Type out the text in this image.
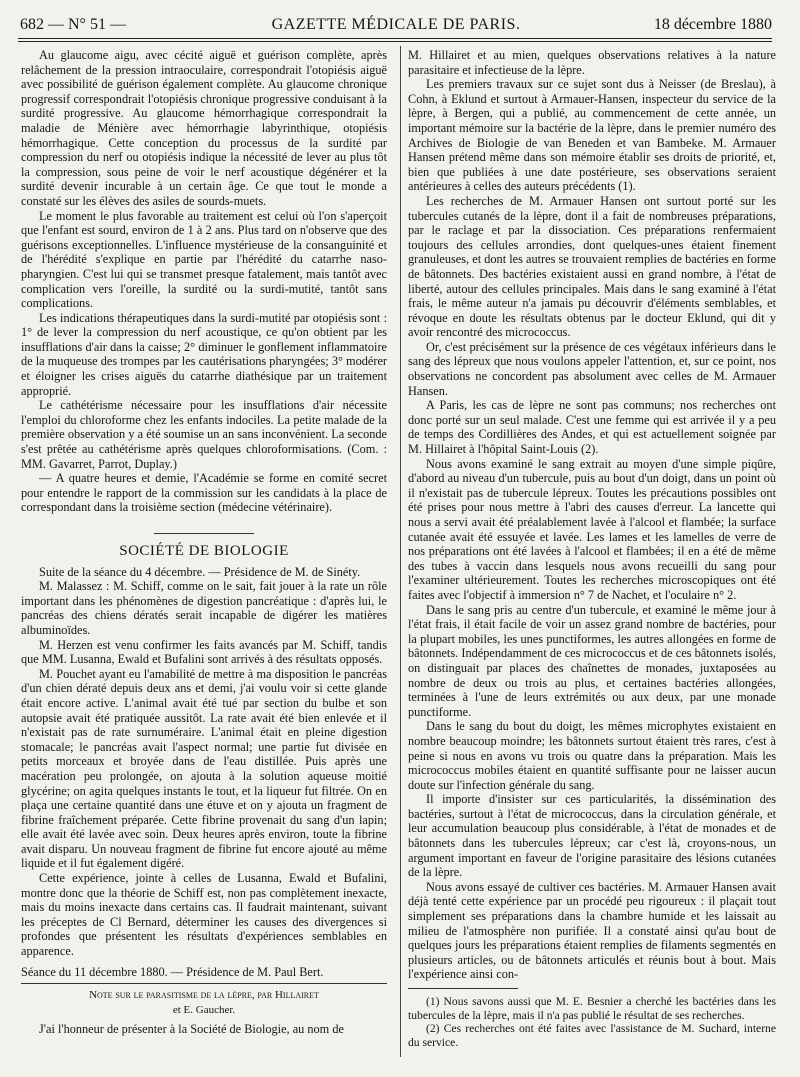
682 — N° 51 —	GAZETTE MÉDICALE DE PARIS.	18 décembre 1880

Au glaucome aigu, avec cécité aiguë et guérison complète, après relâchement de la pression intraoculaire, correspondrait l'otopiésis aiguë avec possibilité de guérison également complète. Au glaucome chronique progressif correspondrait l'otopiésis chronique progressive conduisant à la surdité progressive. Au glaucome hémorrhagique correspondrait la maladie de Ménière avec hémorrhagie labyrinthique, otopiésis hémorrhagique. Cette conception du processus de la surdité par compression du nerf ou otopiésis indique la nécessité de lever au plus tôt la compression, sous peine de voir le nerf acoustique dégénérer et la surdité devenir incurable à un certain âge. Ce que tout le monde a constaté sur les élèves des asiles de sourds-muets.

Le moment le plus favorable au traitement est celui où l'on s'aperçoit que l'enfant est sourd, environ de 1 à 2 ans. Plus tard on n'observe que des guérisons exceptionnelles. L'influence mystérieuse de la consanguinité et de l'hérédité s'explique en partie par l'hérédité du catarrhe naso-pharyngien. C'est lui qui se transmet presque fatalement, mais tantôt avec complication vers l'oreille, la surdité ou la surdi-mutité, tantôt sans complications.

Les indications thérapeutiques dans la surdi-mutité par otopiésis sont : 1° de lever la compression du nerf acoustique, ce qu'on obtient par les insufflations d'air dans la caisse; 2° diminuer le gonflement inflammatoire de la muqueuse des trompes par les cautérisations pharyngées; 3° modérer et éloigner les crises aiguës du catarrhe diathésique par un traitement approprié.

Le cathétérisme nécessaire pour les insufflations d'air nécessite l'emploi du chloroforme chez les enfants indociles. La petite malade de la première observation y a été soumise un an sans inconvénient. La seconde s'est prêtée au cathétérisme après quelques chloroformisations. (Com. : MM. Gavarret, Parrot, Duplay.)

— A quatre heures et demie, l'Académie se forme en comité secret pour entendre le rapport de la commission sur les candidats à la place de correspondant dans la troisième section (médecine vétérinaire).

SOCIÉTÉ DE BIOLOGIE

Suite de la séance du 4 décembre. — Présidence de M. de Sinéty.

M. Malassez : M. Schiff, comme on le sait, fait jouer à la rate un rôle important dans les phénomènes de digestion pancréatique : d'après lui, le pancréas des chiens dératés serait incapable de digérer les matières albuminoïdes.

M. Herzen est venu confirmer les faits avancés par M. Schiff, tandis que MM. Lusanna, Ewald et Bufalini sont arrivés à des résultats opposés.

M. Pouchet ayant eu l'amabilité de mettre à ma disposition le pancréas d'un chien dératé depuis deux ans et demi, j'ai voulu voir si cette glande était encore active. L'animal avait été tué par section du bulbe et son autopsie avait été pratiquée aussitôt. La rate avait été bien enlevée et il n'existait pas de rate surnuméraire. L'animal était en pleine digestion stomacale; le pancréas avait l'aspect normal; une partie fut divisée en petits morceaux et broyée dans de l'eau distillée. Puis après une macération peu prolongée, on ajouta à la solution aqueuse moitié glycérine; on agita quelques instants le tout, et la liqueur fut filtrée. On en plaça une certaine quantité dans une étuve et on y ajouta un fragment de fibrine fraîchement préparée. Cette fibrine provenait du sang d'un lapin; elle avait été lavée avec soin. Deux heures après environ, toute la fibrine avait disparu. Un nouveau fragment de fibrine fut encore ajouté au même liquide et il fut également digéré.

Cette expérience, jointe à celles de Lusanna, Ewald et Bufalini, montre donc que la théorie de Schiff est, non pas complètement inexacte, mais du moins inexacte dans certains cas. Il faudrait maintenant, suivant les préceptes de Cl Bernard, déterminer les causes des divergences si profondes que présentent les résultats d'expériences semblables en apparence.

Séance du 11 décembre 1880. — Présidence de M. Paul Bert.

Note sur le parasitisme de la lèpre, par Hillairet

et E. Gaucher.

J'ai l'honneur de présenter à la Société de Biologie, au nom de

M. Hillairet et au mien, quelques observations relatives à la nature parasitaire et infectieuse de la lèpre.

Les premiers travaux sur ce sujet sont dus à Neisser (de Breslau), à Cohn, à Eklund et surtout à Armauer-Hansen, inspecteur du service de la lèpre, à Bergen, qui a publié, au commencement de cette année, un important mémoire sur la bactérie de la lèpre, dans le premier numéro des Archives de Biologie de van Beneden et van Bambeke. M. Armauer Hansen prétend même dans son mémoire établir ses droits de priorité, et, bien que publiées à une date postérieure, ses observations seraient antérieures à celles des auteurs précédents (1).

Les recherches de M. Armauer Hansen ont surtout porté sur les tubercules cutanés de la lèpre, dont il a fait de nombreuses préparations, par le raclage et par la dissociation. Ces préparations renfermaient toujours des cellules arrondies, dont quelques-unes étaient finement granuleuses, et dont les autres se trouvaient remplies de bactéries en forme de bâtonnets. Des bactéries existaient aussi en grand nombre, à l'état de liberté, autour des cellules principales. Mais dans le sang examiné à l'état frais, le même auteur n'a jamais pu découvrir d'éléments semblables, et révoque en doute les résultats obtenus par le docteur Eklund, qui dit y avoir rencontré des micrococcus.

Or, c'est précisément sur la présence de ces végétaux inférieurs dans le sang des lépreux que nous voulons appeler l'attention, et, sur ce point, nos observations ne concordent pas absolument avec celles de M. Armauer Hansen.

A Paris, les cas de lèpre ne sont pas communs; nos recherches ont donc porté sur un seul malade. C'est une femme qui est arrivée il y a peu de temps des Cordillières des Andes, et qui est actuellement soignée par M. Hillairet à l'hôpital Saint-Louis (2).

Nous avons examiné le sang extrait au moyen d'une simple piqûre, d'abord au niveau d'un tubercule, puis au bout d'un doigt, dans un point où il n'existait pas de tubercule lépreux. Toutes les précautions possibles ont été prises pour nous mettre à l'abri des causes d'erreur. La lancette qui nous a servi avait été préalablement lavée à l'alcool et flambée; la surface cutanée avait été essuyée et lavée. Les lames et les lamelles de verre de nos préparations ont été lavées à l'alcool et flambées; il en a été de même des tubes à vaccin dans lesquels nous avons recueilli du sang pour l'examiner ultérieurement. Toutes les recherches microscopiques ont été faites avec l'objectif à immersion n° 7 de Nachet, et l'oculaire n° 2.

Dans le sang pris au centre d'un tubercule, et examiné le même jour à l'état frais, il était facile de voir un assez grand nombre de bactéries, pour la plupart mobiles, les unes punctiformes, les autres allongées en forme de bâtonnets. Indépendamment de ces micrococcus et de ces bâtonnets isolés, on distinguait par places des chaînettes de monades, juxtaposées au nombre de deux ou trois au plus, et certaines bactéries allongées, terminées à l'une de leurs extrémités ou aux deux, par une monade punctiforme.

Dans le sang du bout du doigt, les mêmes microphytes existaient en nombre beaucoup moindre; les bâtonnets surtout étaient très rares, c'est à peine si nous en avons vu trois ou quatre dans la préparation. Mais les micrococcus mobiles étaient en quantité suffisante pour ne laisser aucun doute sur l'infection générale du sang.

Il importe d'insister sur ces particularités, la dissémination des bactéries, surtout à l'état de micrococcus, dans la circulation générale, et leur accumulation beaucoup plus considérable, à l'état de monades et de bâtonnets dans les tubercules lépreux; car c'est là, croyons-nous, un argument important en faveur de l'origine parasitaire des lésions cutanées de la lèpre.

Nous avons essayé de cultiver ces bactéries. M. Armauer Hansen avait déjà tenté cette expérience par un procédé peu rigoureux : il plaçait tout simplement ses préparations dans la chambre humide et les laissait au milieu de l'atmosphère non purifiée. Il a constaté ainsi qu'au bout de quelques jours les préparations étaient remplies de filaments segmentés en plusieurs articles, ou de bâtonnets articulés et réunis bout à bout. Mais l'expérience ainsi con-

(1) Nous savons aussi que M. E. Besnier a cherché les bactéries dans les tubercules de la lèpre, mais il n'a pas publié le résultat de ses recherches.

(2) Ces recherches ont été faites avec l'assistance de M. Suchard, interne du service.
